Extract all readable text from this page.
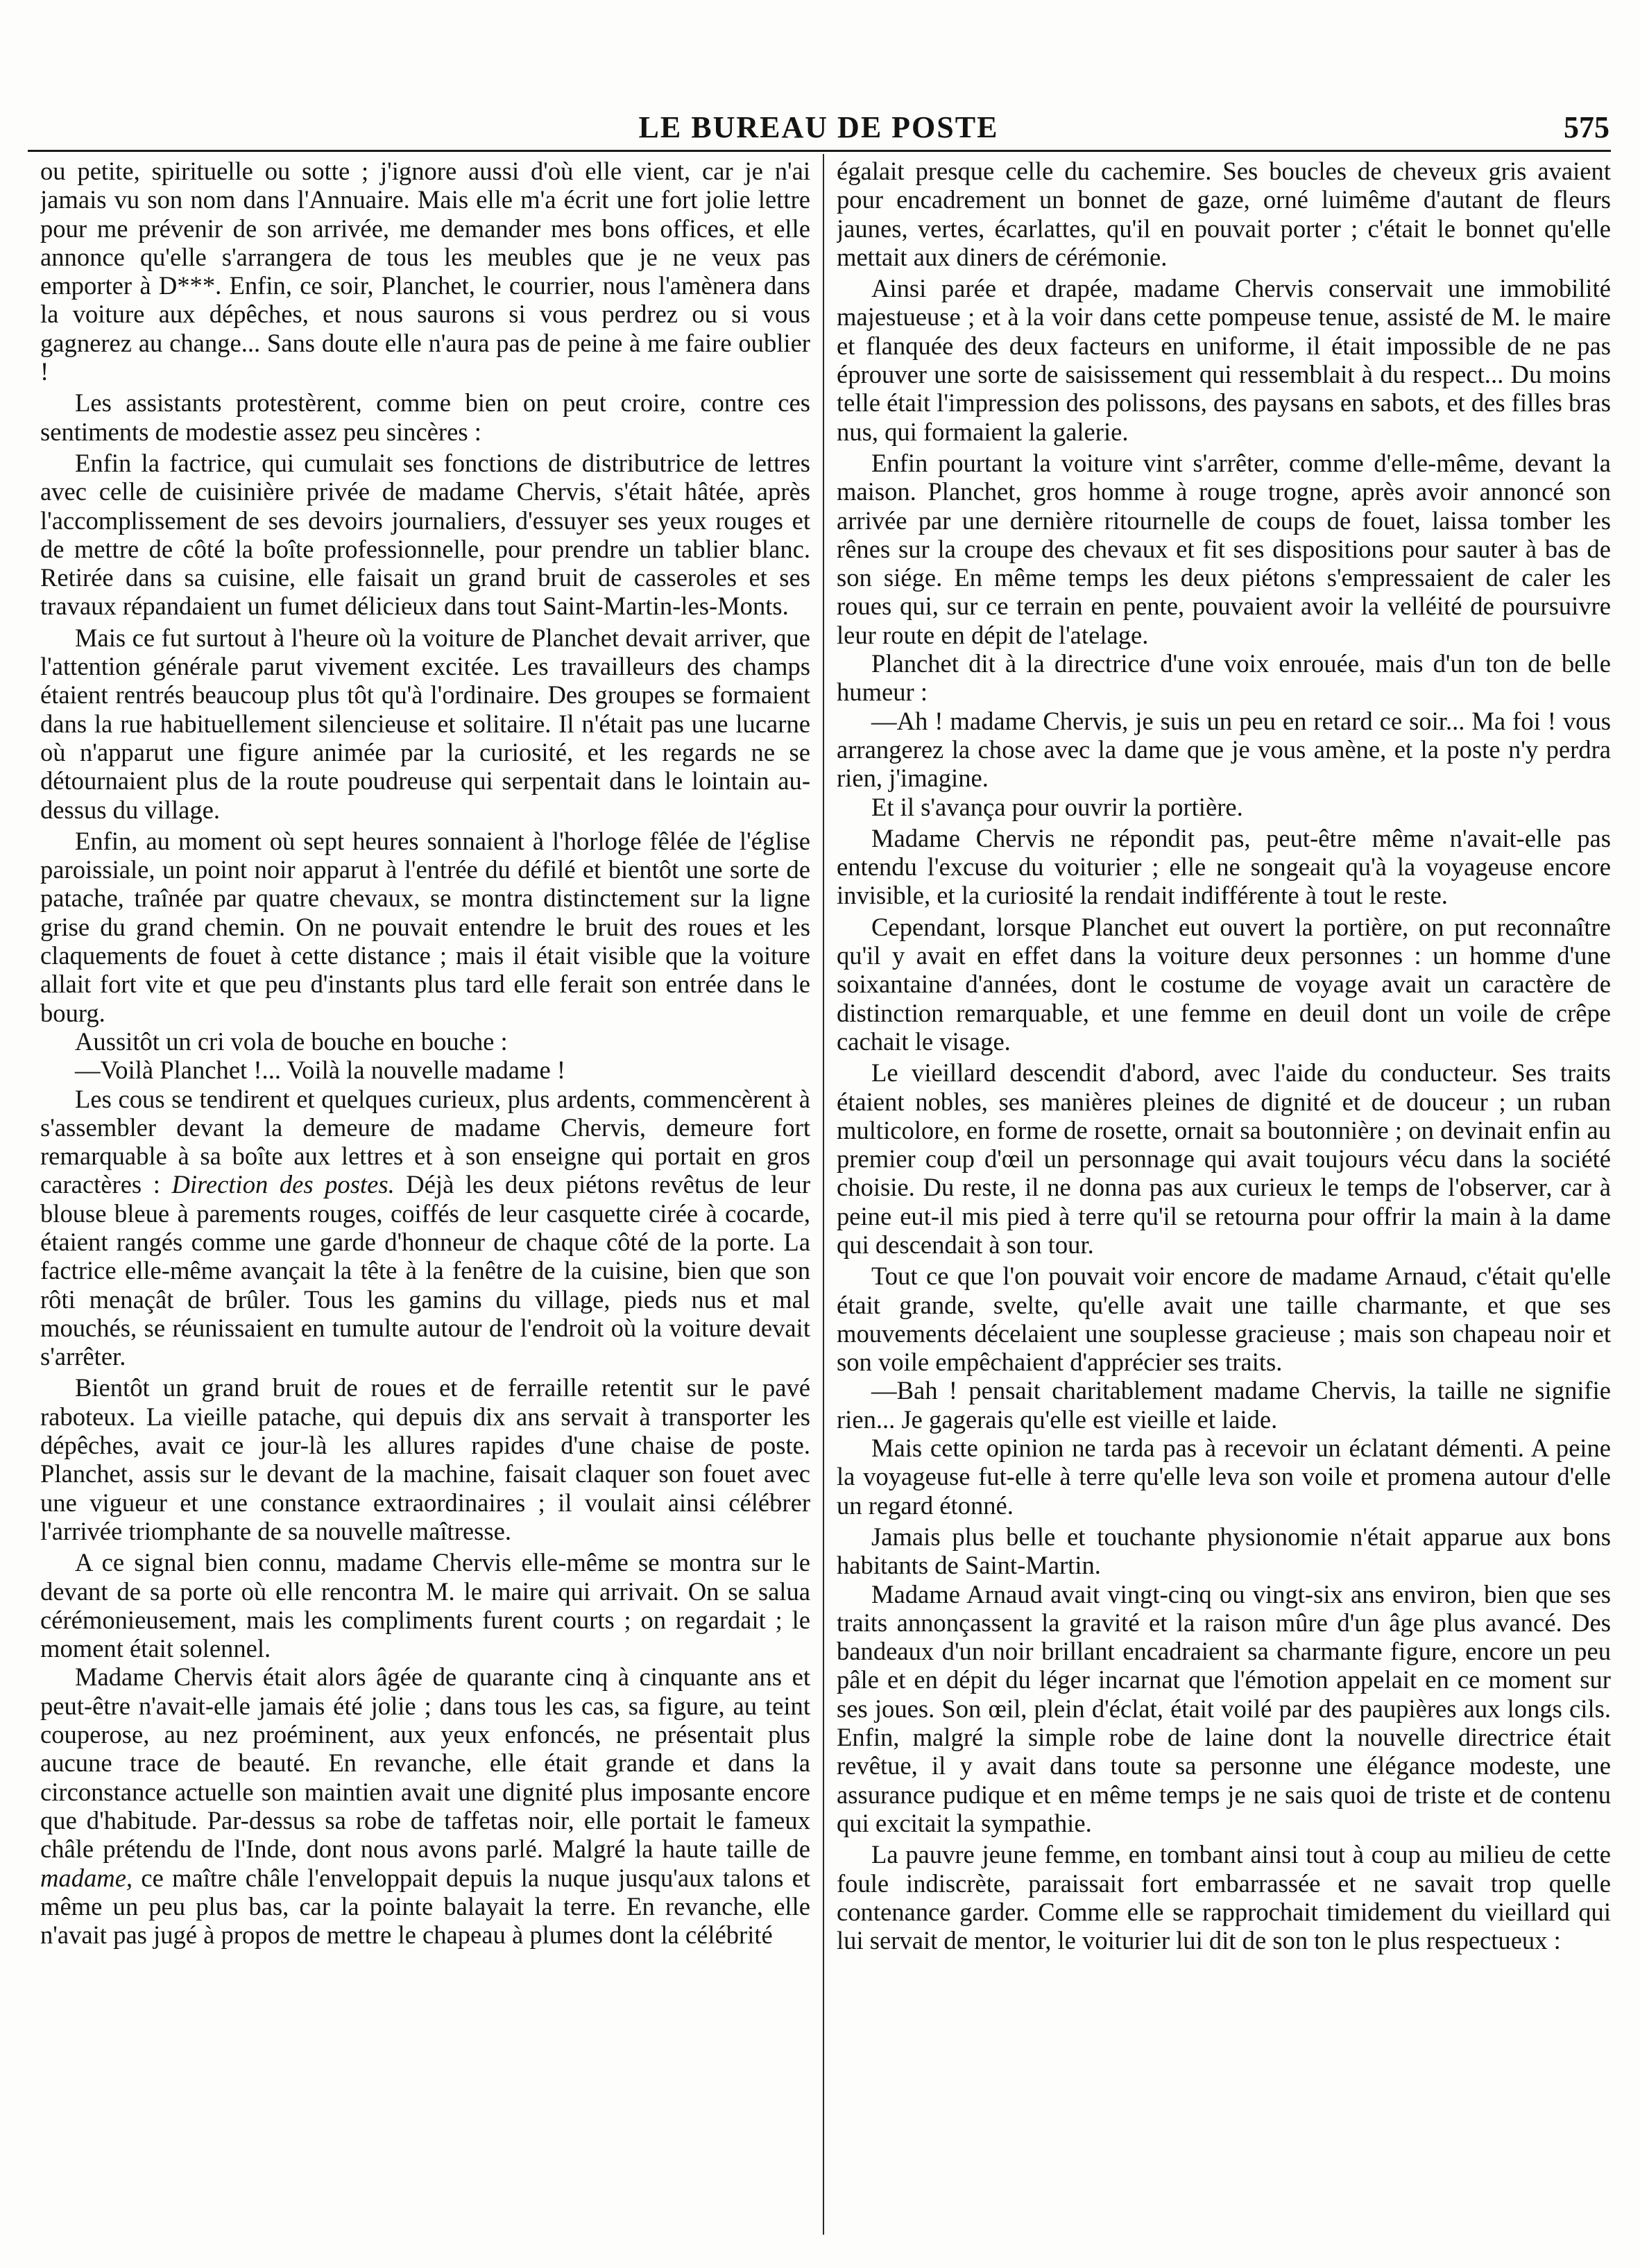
LE BUREAU DE POSTE	575

ou petite, spirituelle ou sotte ; j'ignore aussi d'où elle vient, car je n'ai jamais vu son nom dans l'Annuaire. Mais elle m'a écrit une fort jolie lettre pour me prévenir de son arrivée, me demander mes bons offices, et elle annonce qu'elle s'arrangera de tous les meubles que je ne veux pas emporter à D***. Enfin, ce soir, Planchet, le courrier, nous l'amènera dans la voiture aux dépêches, et nous saurons si vous perdrez ou si vous gagnerez au change... Sans doute elle n'aura pas de peine à me faire oublier !

Les assistants protestèrent, comme bien on peut croire, contre ces sentiments de modestie assez peu sincères :

Enfin la factrice, qui cumulait ses fonctions de distributrice de lettres avec celle de cuisinière privée de madame Chervis, s'était hâtée, après l'accomplissement de ses devoirs journaliers, d'essuyer ses yeux rouges et de mettre de côté la boîte professionnelle, pour prendre un tablier blanc. Retirée dans sa cuisine, elle faisait un grand bruit de casseroles et ses travaux répandaient un fumet délicieux dans tout Saint-Martin-les-Monts.

Mais ce fut surtout à l'heure où la voiture de Planchet devait arriver, que l'attention générale parut vivement excitée. Les travailleurs des champs étaient rentrés beaucoup plus tôt qu'à l'ordinaire. Des groupes se formaient dans la rue habituellement silencieuse et solitaire. Il n'était pas une lucarne où n'apparut une figure animée par la curiosité, et les regards ne se détournaient plus de la route poudreuse qui serpentait dans le lointain au-dessus du village.

Enfin, au moment où sept heures sonnaient à l'horloge fêlée de l'église paroissiale, un point noir apparut à l'entrée du défilé et bientôt une sorte de patache, traînée par quatre chevaux, se montra distinctement sur la ligne grise du grand chemin. On ne pouvait entendre le bruit des roues et les claquements de fouet à cette distance ; mais il était visible que la voiture allait fort vite et que peu d'instants plus tard elle ferait son entrée dans le bourg.

Aussitôt un cri vola de bouche en bouche :

—Voilà Planchet !... Voilà la nouvelle madame !

Les cous se tendirent et quelques curieux, plus ardents, commencèrent à s'assembler devant la demeure de madame Chervis, demeure fort remarquable à sa boîte aux lettres et à son enseigne qui portait en gros caractères : Direction des postes. Déjà les deux piétons revêtus de leur blouse bleue à parements rouges, coiffés de leur casquette cirée à cocarde, étaient rangés comme une garde d'honneur de chaque côté de la porte. La factrice elle-même avançait la tête à la fenêtre de la cuisine, bien que son rôti menaçât de brûler. Tous les gamins du village, pieds nus et mal mouchés, se réunissaient en tumulte autour de l'endroit où la voiture devait s'arrêter.

Bientôt un grand bruit de roues et de ferraille retentit sur le pavé raboteux. La vieille patache, qui depuis dix ans servait à transporter les dépêches, avait ce jour-là les allures rapides d'une chaise de poste. Planchet, assis sur le devant de la machine, faisait claquer son fouet avec une vigueur et une constance extraordinaires ; il voulait ainsi célébrer l'arrivée triomphante de sa nouvelle maîtresse.

A ce signal bien connu, madame Chervis elle-même se montra sur le devant de sa porte où elle rencontra M. le maire qui arrivait. On se salua cérémonieusement, mais les compliments furent courts ; on regardait ; le moment était solennel.

Madame Chervis était alors âgée de quarante cinq à cinquante ans et peut-être n'avait-elle jamais été jolie ; dans tous les cas, sa figure, au teint couperose, au nez proéminent, aux yeux enfoncés, ne présentait plus aucune trace de beauté. En revanche, elle était grande et dans la circonstance actuelle son maintien avait une dignité plus imposante encore que d'habitude. Par-dessus sa robe de taffetas noir, elle portait le fameux châle prétendu de l'Inde, dont nous avons parlé. Malgré la haute taille de madame, ce maître châle l'enveloppait depuis la nuque jusqu'aux talons et même un peu plus bas, car la pointe balayait la terre. En revanche, elle n'avait pas jugé à propos de mettre le chapeau à plumes dont la célébrité

égalait presque celle du cachemire. Ses boucles de cheveux gris avaient pour encadrement un bonnet de gaze, orné luimême d'autant de fleurs jaunes, vertes, écarlattes, qu'il en pouvait porter ; c'était le bonnet qu'elle mettait aux diners de cérémonie.

Ainsi parée et drapée, madame Chervis conservait une immobilité majestueuse ; et à la voir dans cette pompeuse tenue, assisté de M. le maire et flanquée des deux facteurs en uniforme, il était impossible de ne pas éprouver une sorte de saisissement qui ressemblait à du respect... Du moins telle était l'impression des polissons, des paysans en sabots, et des filles bras nus, qui formaient la galerie.

Enfin pourtant la voiture vint s'arrêter, comme d'elle-même, devant la maison. Planchet, gros homme à rouge trogne, après avoir annoncé son arrivée par une dernière ritournelle de coups de fouet, laissa tomber les rênes sur la croupe des chevaux et fit ses dispositions pour sauter à bas de son siége. En même temps les deux piétons s'empressaient de caler les roues qui, sur ce terrain en pente, pouvaient avoir la velléité de poursuivre leur route en dépit de l'atelage.

Planchet dit à la directrice d'une voix enrouée, mais d'un ton de belle humeur :

—Ah ! madame Chervis, je suis un peu en retard ce soir... Ma foi ! vous arrangerez la chose avec la dame que je vous amène, et la poste n'y perdra rien, j'imagine.

Et il s'avança pour ouvrir la portière.

Madame Chervis ne répondit pas, peut-être même n'avait-elle pas entendu l'excuse du voiturier ; elle ne songeait qu'à la voyageuse encore invisible, et la curiosité la rendait indifférente à tout le reste.

Cependant, lorsque Planchet eut ouvert la portière, on put reconnaître qu'il y avait en effet dans la voiture deux personnes : un homme d'une soixantaine d'années, dont le costume de voyage avait un caractère de distinction remarquable, et une femme en deuil dont un voile de crêpe cachait le visage.

Le vieillard descendit d'abord, avec l'aide du conducteur. Ses traits étaient nobles, ses manières pleines de dignité et de douceur ; un ruban multicolore, en forme de rosette, ornait sa boutonnière ; on devinait enfin au premier coup d'œil un personnage qui avait toujours vécu dans la société choisie. Du reste, il ne donna pas aux curieux le temps de l'observer, car à peine eut-il mis pied à terre qu'il se retourna pour offrir la main à la dame qui descendait à son tour.

Tout ce que l'on pouvait voir encore de madame Arnaud, c'était qu'elle était grande, svelte, qu'elle avait une taille charmante, et que ses mouvements décelaient une souplesse gracieuse ; mais son chapeau noir et son voile empêchaient d'apprécier ses traits.

—Bah ! pensait charitablement madame Chervis, la taille ne signifie rien... Je gagerais qu'elle est vieille et laide.

Mais cette opinion ne tarda pas à recevoir un éclatant démenti. A peine la voyageuse fut-elle à terre qu'elle leva son voile et promena autour d'elle un regard étonné.

Jamais plus belle et touchante physionomie n'était apparue aux bons habitants de Saint-Martin.

Madame Arnaud avait vingt-cinq ou vingt-six ans environ, bien que ses traits annonçassent la gravité et la raison mûre d'un âge plus avancé. Des bandeaux d'un noir brillant encadraient sa charmante figure, encore un peu pâle et en dépit du léger incarnat que l'émotion appelait en ce moment sur ses joues. Son œil, plein d'éclat, était voilé par des paupières aux longs cils. Enfin, malgré la simple robe de laine dont la nouvelle directrice était revêtue, il y avait dans toute sa personne une élégance modeste, une assurance pudique et en même temps je ne sais quoi de triste et de contenu qui excitait la sympathie.

La pauvre jeune femme, en tombant ainsi tout à coup au milieu de cette foule indiscrète, paraissait fort embarrassée et ne savait trop quelle contenance garder. Comme elle se rapprochait timidement du vieillard qui lui servait de mentor, le voiturier lui dit de son ton le plus respectueux :
